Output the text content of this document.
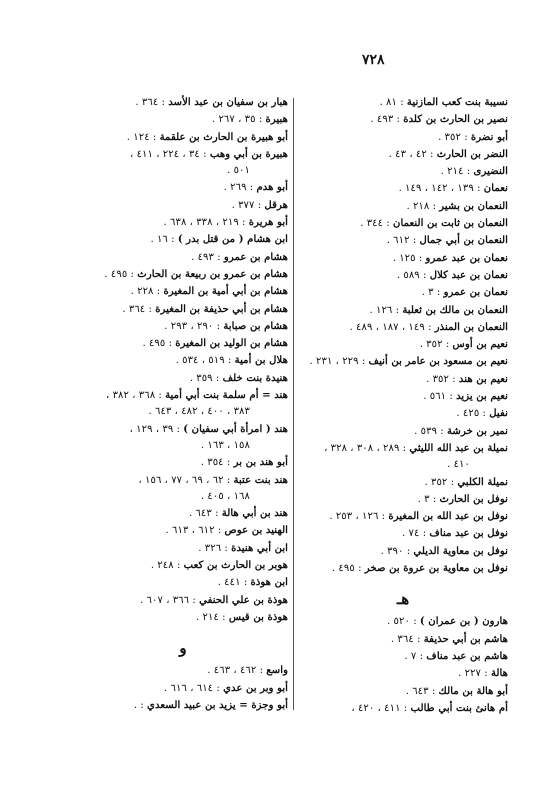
٧٢٨
نسيبة بنت كعب المازنية : ٨١ .
نصير بن الحارث بن كلدة : ٤٩٣ .
أبو نضرة : ٣٥٢ .
النضر بن الحارث : ٤٢ ، ٤٣ .
النضيرى : ٢١٤ .
نعمان : ١٣٩ ، ١٤٢ ، ١٤٩ .
النعمان بن بشير : ٢١٨ .
النعمان بن ثابت بن النعمان : ٣٤٤ .
النعمان بن أبي جمال : ٦١٢ .
نعمان بن عبد عمرو : ١٢٥ .
نعمان بن عبد كلال : ٥٨٩ .
نعمان بن عمرو : ٣ .
النعمان بن مالك بن ثعلبة : ١٢٦ .
النعمان بن المنذر : ١٤٩ ، ١٨٧ ، ٤٨٩ .
نعيم بن أوس : ٣٥٢ .
نعيم بن مسعود بن عامر بن أنيف : ٢٢٩ ، ٢٣١ .
نعيم بن هند : ٣٥٢ .
نعيم بن يزيد : ٥٦١ .
نفيل : ٤٢٥ .
نمير بن خرشة : ٥٣٩ .
نميلة بن عبد الله الليثي : ٢٨٩ ، ٣٠٨ ، ٣٢٨ ،
٤١٠ .
نميلة الكلبي : ٣٥٢ .
نوفل بن الحارث : ٣ .
نوفل بن عبد الله بن المغيرة : ١٢٦ ، ٢٥٣ .
نوفل بن عبد مناف : ٧٤ .
نوفل بن معاوية الديلي : ٣٩٠ .
نوفل بن معاوية بن عروة بن صخر : ٤٩٥ .
هـ
هارون ( بن عمران ) : ٥٢٠ .
هاشم بن أبي حذيفة : ٣٦٤ .
هاشم بن عبد مناف : ٧ .
هالة : ٢٢٧ .
أبو هالة بن مالك : ٦٤٣ .
أم هانئ بنت أبي طالب : ٤١١ ، ٤٢٠ ،
هبار بن سفيان بن عبد الأسد : ٣٦٤ .
هبيرة : ٣٥ ، ٢٦٧ .
أبو هبيرة بن الحارث بن علقمة : ١٢٤ .
هبيرة بن أبي وهب : ٣٤ ، ٢٢٤ ، ٤١١ ،
٥٠١ .
أبو هدم : ٢٦٩ .
هرقل : ٣٧٧ .
أبو هريرة : ٢١٩ ، ٣٣٨ ، ٦٣٨ .
ابن هشام ( من قتل بدر ) : ١٦ .
هشام بن عمرو : ٤٩٣ .
هشام بن عمرو بن ربيعة بن الحارث : ٤٩٥ .
هشام بن أبي أمية بن المغيرة : ٢٢٨ .
هشام بن أبي حذيفة بن المغيرة : ٣٦٤ .
هشام بن صبابة : ٢٩٠ ، ٢٩٣ .
هشام بن الوليد بن المغيرة : ٤٩٥ .
هلال بن أمية : ٥١٩ ، ٥٣٤ .
هنيدة بنت خلف : ٣٥٩ .
هند = أم سلمة بنت أبي أمية : ٣٦٨ ، ٣٨٢ ،
٣٨٣ ، ٤٠٠ ، ٤٨٢ ، ٦٤٣ .
هند ( امرأة أبي سفيان ) : ٣٩ ، ١٢٩ ،
١٥٨ ، ١٦٣ .
أبو هند بن بر : ٣٥٤ .
هند بنت عتبة : ٦٢ ، ٦٩ ، ٧٧ ، ١٥٦ ،
١٦٨ ، ٤٠٥ .
هند بن أبي هالة : ٦٤٣ .
الهنيد بن عوص : ٦١٢ ، ٦١٣ .
ابن أبي هنيدة : ٣٢٦ .
هوبر بن الحارث بن كعب : ٢٤٨ .
ابن هوذة : ٤٤١ .
هوذة بن علي الحنفي : ٣٦٦ ، ٦٠٧ .
هوذة بن قيس : ٢١٤ .
و
واسع : ٤٦٢ ، ٤٦٣ .
أبو وبر بن عدي : ٦١٤ ، ٦١٦ .
أبو وجزة = يزيد بن عبيد السعدي : .
